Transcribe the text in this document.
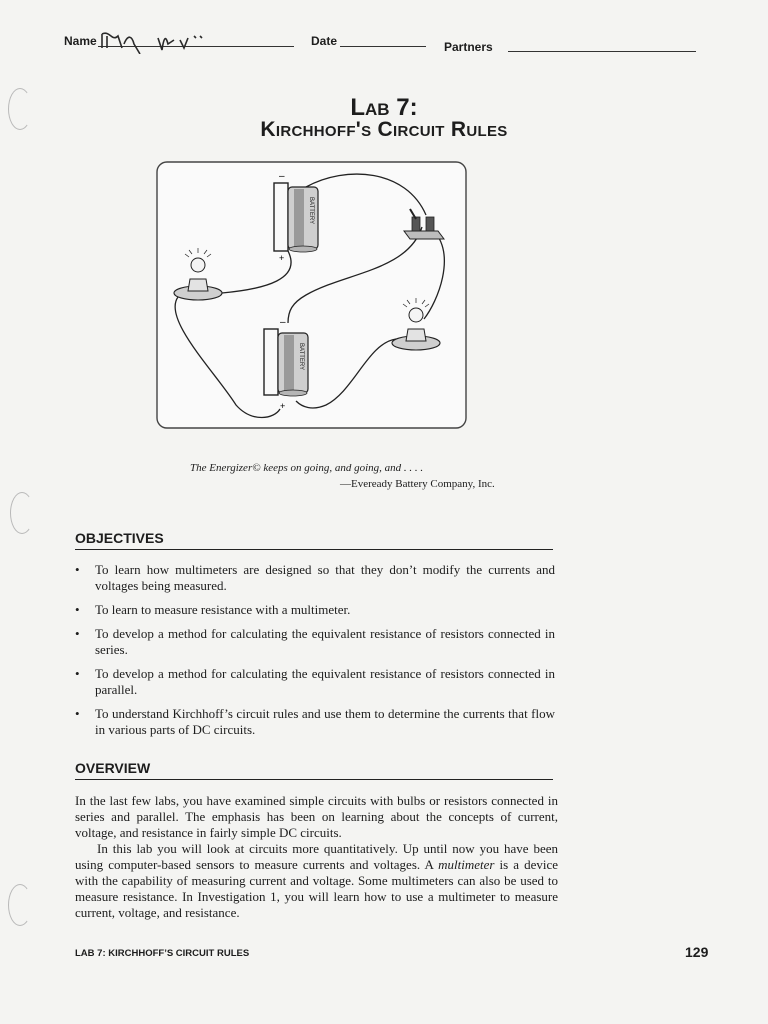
Name	Date	Partners
Lab 7:
Kirchhoff's Circuit Rules
BATTERY
–
+
BATTERY
–
+
The Energizer© keeps on going, and going, and . . . .
—Eveready Battery Company, Inc.
OBJECTIVES
• To learn how multimeters are designed so that they don’t modify the currents and voltages being measured.
• To learn to measure resistance with a multimeter.
• To develop a method for calculating the equivalent resistance of resistors connected in series.
• To develop a method for calculating the equivalent resistance of resistors connected in parallel.
• To understand Kirchhoff’s circuit rules and use them to determine the currents that flow in various parts of DC circuits.
OVERVIEW

In the last few labs, you have examined simple circuits with bulbs or resistors connected in series and parallel. The emphasis has been on learning about the concepts of current, voltage, and resistance in fairly simple DC circuits.

In this lab you will look at circuits more quantitatively. Up until now you have been using computer-based sensors to measure currents and voltages. A multimeter is a device with the capability of measuring current and voltage. Some multimeters can also be used to measure resistance. In Investigation 1, you will learn how to use a multimeter to measure current, voltage, and resistance.

LAB 7: KIRCHHOFF’S CIRCUIT RULES	129
